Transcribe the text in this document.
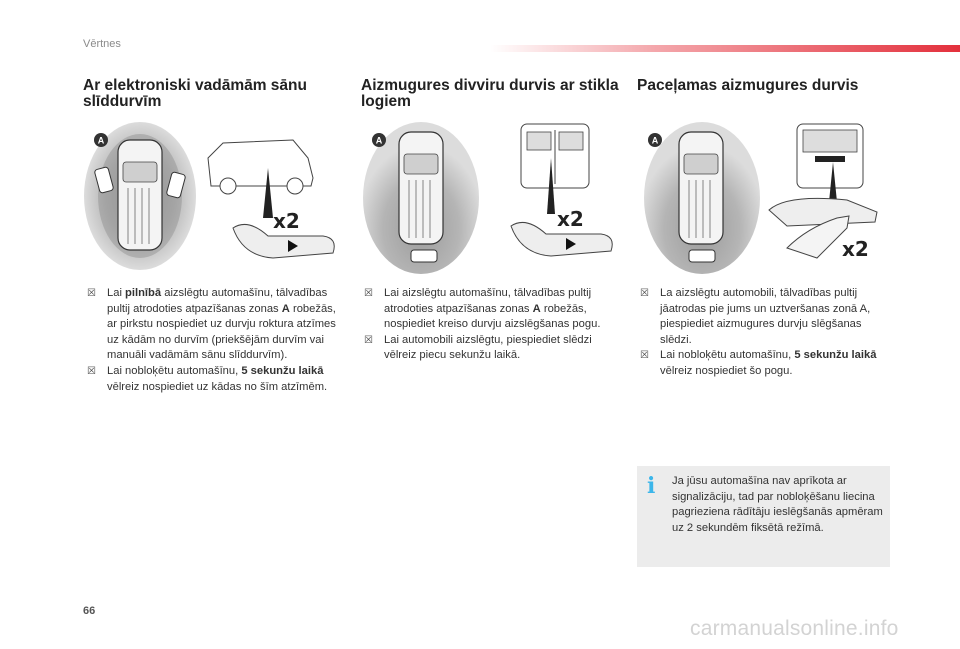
Vērtnes
Ar elektroniski vadāmām sānu slīddurvīm
A
x2
☒ Lai pilnībā aizslēgtu automašīnu, tālvadības pultij atrodoties atpazīšanas zonas A robežās, ar pirkstu nospiediet uz durvju roktura atzīmes uz kādām no durvīm (priekšējām durvīm vai manuāli vadāmām sānu slīddurvīm).
☒ Lai nobloķētu automašīnu, 5 sekunžu laikā vēlreiz nospiediet uz kādas no šīm atzīmēm.
Aizmugures divviru durvis ar stikla logiem
A
x2
☒ Lai aizslēgtu automašīnu, tālvadības pultij atrodoties atpazīšanas zonas A robežās, nospiediet kreiso durvju aizslēgšanas pogu.
☒ Lai automobili aizslēgtu, piespiediet slēdzi vēlreiz piecu sekunžu laikā.
Paceļamas aizmugures durvis
A
x2
☒ La aizslēgtu automobili, tālvadības pultij jāatrodas pie jums un uztveršanas zonā A, piespiediet aizmugures durvju slēgšanas slēdzi.
☒ Lai nobloķētu automašīnu, 5 sekunžu laikā vēlreiz nospiediet šo pogu.
i	Ja jūsu automašīna nav aprīkota ar signalizāciju, tad par nobloķēšanu liecina pagrieziena rādītāju ieslēgšanās apmēram uz 2 sekundēm fiksētā režīmā.
66
carmanualsonline.info
